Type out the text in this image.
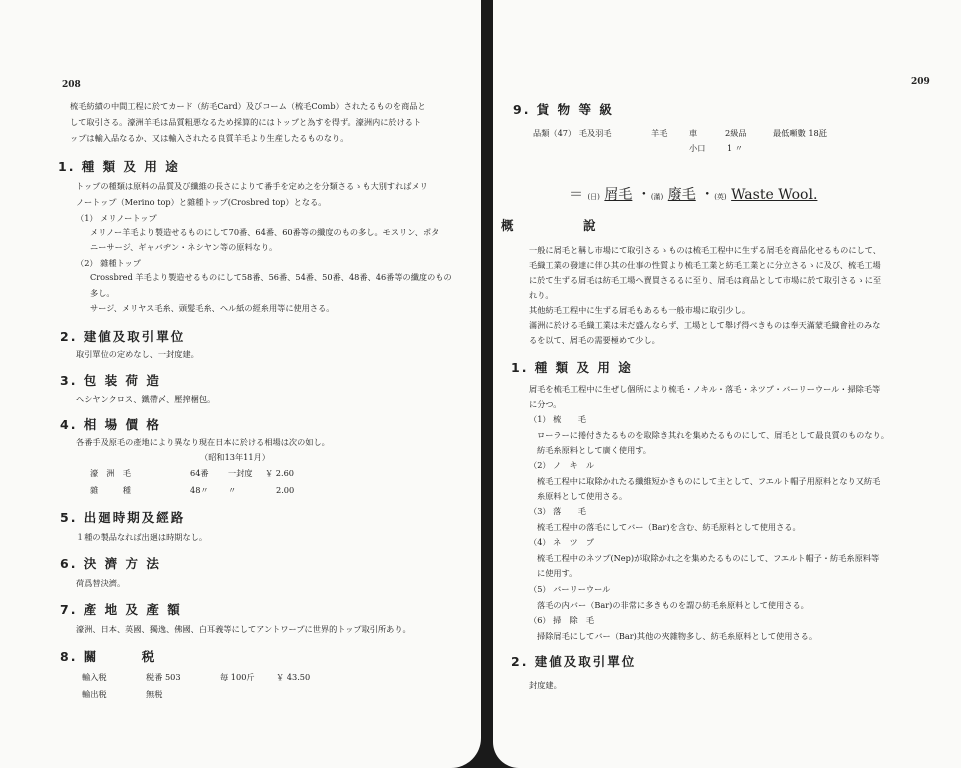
208
梳毛紡績の中間工程に於てカード（紡毛Card）及びコーム（梳毛Comb）されたるものを商品と
して取引さる。濠洲羊毛は品質粗悪なるため採算的にはトップと為すを得ず。濠洲内に於けるト
ップは輸入品なるか、又は輸入されたる良質羊毛より生産したるものなり。
1. 種 類 及 用 途
トップの種類は原料の品質及び纖維の長さによりて番手を定め之を分類さるゝも大別すればメリ
ノートップ（Merino top）と雜種トップ(Crosbred top）となる。
（1） メリノートップ
メリノー羊毛より製造せるものにして70番、64番、60番等の纖度のもの多し。モスリン、ポタ
ニーサージ、ギャバヂン・ネシヤン等の原料なり。
（2） 雜種トップ
Crossbred 羊毛より製造せるものにして58番、56番、54番、50番、48番、46番等の纖度のもの
多し。
サージ、メリヤス毛糸、頭髪毛糸、ヘル紙の經糸用等に使用さる。
2. 建値及取引單位
取引單位の定めなし、一封度建。
3. 包 装 荷 造
ヘシヤンクロス、鐵帶〆、壓搾梱包。
4. 相 場 價 格
各番手及原毛の產地により異なり現在日本に於ける相場は次の如し。
（昭和13年11月）
濠　洲　毛	64番 一封度 ￥ 2.60
雜　　　種	48〃 〃	2.00
5. 出廻時期及經路
１種の製品なれば出廻は時期なし。
6. 決 濟 方 法
荷爲替決濟。
7. 產 地 及 產 額
濠洲、日本、英國、獨逸、佛國、白耳義等にしてアントワープに世界的トップ取引所あり。
8. 關　　　税
輸入税	税番 503	毎 100斤	￥ 43.50
輸出税	無税
209
9. 貨 物 等 級
品類（47） 毛及羽毛	羊毛	車	2級品	最低噸數 18瓩
小口	1 〃
＝ (日) 屑毛 ・(滿) 廢毛 ・(英) Waste Wool.
概	說
一般に屑毛と稱し市場にて取引さるゝものは梳毛工程中に生ずる屑毛を商品化せるものにして、
毛織工業の發達に伴ひ其の仕事の性質より梳毛工業と紡毛工業とに分立さるゝに及び、梳毛工場
に於て生ずる屑毛は紡毛工場へ賣買さるるに至り、屑毛は商品として市場に於て取引さるゝに至
れり。
其他紡毛工程中に生ずる屑毛もあるも一般市場に取引少し。
滿洲に於ける毛織工業は未だ盛んならず、工場として舉げ得べきものは奉天滿蒙毛織會社のみな
るを以て、屑毛の需要極めて少し。
1. 種 類 及 用 途
屑毛を梳毛工程中に生ぜし個所により梳毛・ノキル・落毛・ネツプ・バーリーウール・掃除毛等
に分つ。
（1） 梳　　毛
ローラーに捲付きたるものを取除き其れを集めたるものにして、屑毛として最良質のものなり。
紡毛糸原料として廣く使用す。
（2） ノ　キ　ル
梳毛工程中に取除かれたる纖維短かきものにして主として、フエルト帽子用原料となり又紡毛
糸原料として使用さる。
（3） 落　　毛
梳毛工程中の落毛にしてバー（Bar)を含む、紡毛原料として使用さる。
（4） ネ　ツ　プ
梳毛工程中のネツプ(Nep)が取除かれ之を集めたるものにして、フエルト帽子・紡毛糸原料等
に使用す。
（5） バーリーウール
落毛の内バー（Bar)の非常に多きものを謂ひ紡毛糸原料として使用さる。
（6） 掃　除　毛
掃除屑毛にしてバー（Bar)其他の夾雜物多し、紡毛糸原料として使用さる。
2. 建値及取引單位
封度建。
